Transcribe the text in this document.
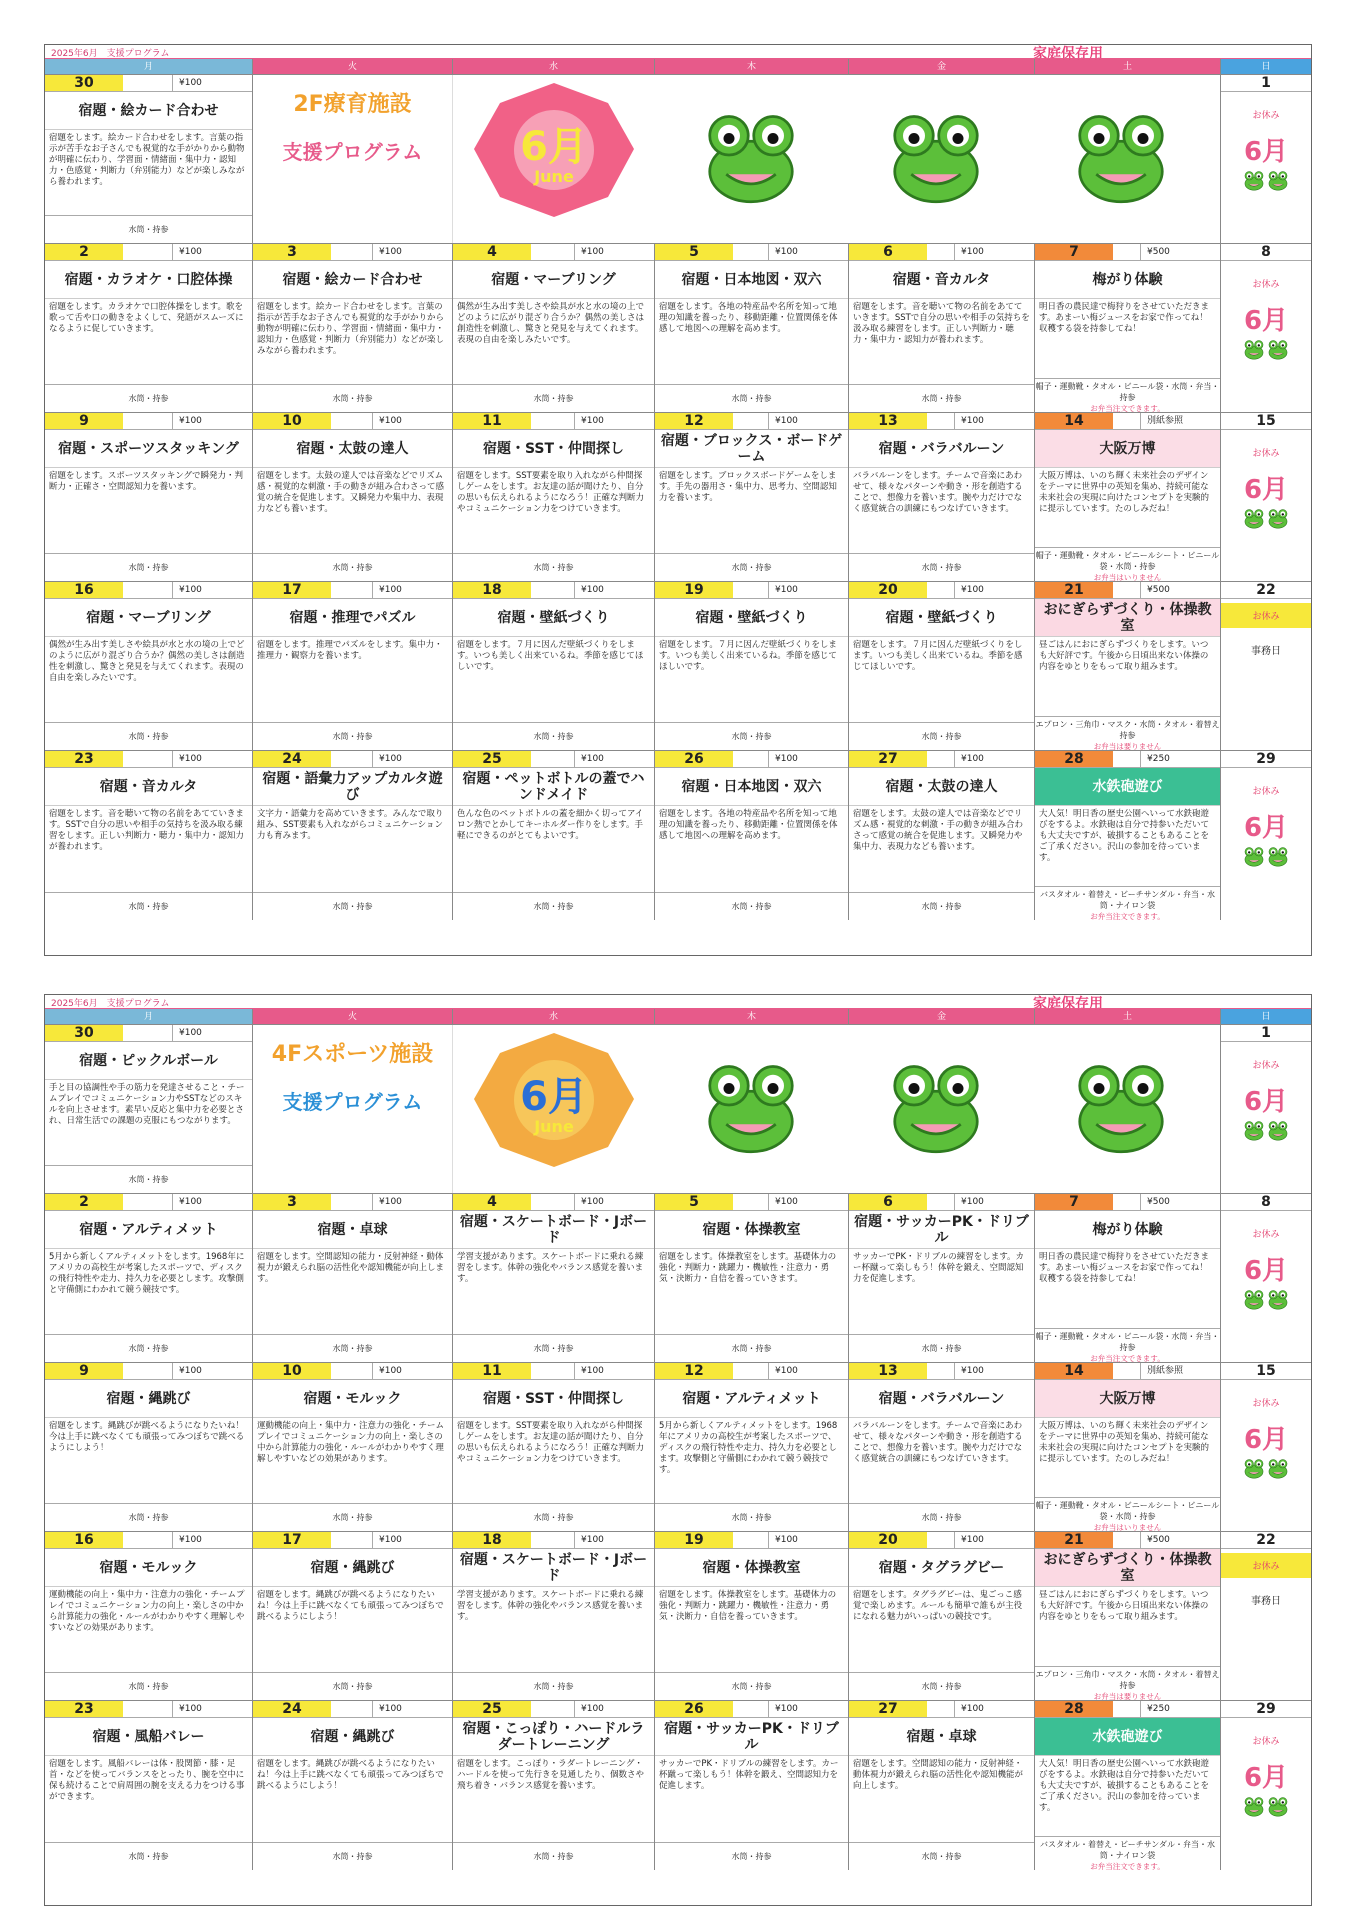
2025年6月　支援プログラム	家庭保存用
月	火	水	木	金	土	日
30	¥100
宿題・絵カード合わせ
宿題をします。絵カード合わせをします。言葉の指示が苦手なお子さんでも視覚的な手がかりから動物が明確に伝わり、学習面・情緒面・集中力・認知力・色感覚・判断力（弁別能力）などが楽しみながら養われます。
水筒・持参
2F療育施設
支援プログラム	6月
June
1
お休み
6月
2	¥100
宿題・カラオケ・口腔体操
宿題をします。カラオケで口腔体操をします。歌を歌って舌や口の動きをよくして、発語がスムーズになるように促していきます。
水筒・持参
3	¥100
宿題・絵カード合わせ
宿題をします。絵カード合わせをします。言葉の指示が苦手なお子さんでも視覚的な手がかりから動物が明確に伝わり、学習面・情緒面・集中力・認知力・色感覚・判断力（弁別能力）などが楽しみながら養われます。
水筒・持参
4	¥100
宿題・マーブリング
偶然が生み出す美しさや絵具が水と水の境の上でどのように広がり混ざり合うか？偶然の美しさは創造性を刺激し、驚きと発見を与えてくれます。表現の自由を楽しみたいです。
水筒・持参
5	¥100
宿題・日本地図・双六
宿題をします。各地の特産品や名所を知って地理の知識を養ったり、移動距離・位置関係を体感して地図への理解を高めます。
水筒・持参
6	¥100
宿題・音カルタ
宿題をします。音を聴いて物の名前をあてていきます。SSTで自分の思いや相手の気持ちを汲み取る練習をします。正しい判断力・聴力・集中力・認知力が養われます。
水筒・持参
7	¥500
梅がり体験
明日香の農民達で梅狩りをさせていただきます。あまーい梅ジュースをお家で作ってね！収穫する袋を持参してね！
帽子・運動靴・タオル・ビニール袋・水筒・弁当・持参
お弁当注文できます。
8
お休み
6月
9	¥100
宿題・スポーツスタッキング
宿題をします。スポーツスタッキングで瞬発力・判断力・正確さ・空間認知力を養います。
水筒・持参
10	¥100
宿題・太鼓の達人
宿題をします。太鼓の達人では音楽などでリズム感・視覚的な刺激・手の動きが組み合わさって感覚の統合を促進します。又瞬発力や集中力、表現力なども養います。
水筒・持参
11	¥100
宿題・SST・仲間探し
宿題をします。SST要素を取り入れながら仲間探しゲームをします。お友達の話が聞けたり、自分の思いも伝えられるようになろう！正確な判断力やコミュニケーション力をつけていきます。
水筒・持参
12	¥100
宿題・ブロックス・ボードゲーム
宿題をします。ブロックスボードゲームをします。手先の器用さ・集中力、思考力、空間認知力を養います。
水筒・持参
13	¥100
宿題・バラバルーン
バラバルーンをします。チームで音楽にあわせて、様々なパターンや動き・形を創造することで、想像力を養います。腕や力だけでなく感覚統合の訓練にもつなげていきます。
水筒・持参
14	別紙参照
大阪万博
大阪万博は、いのち輝く未来社会のデザインをテーマに世界中の英知を集め、持続可能な未来社会の実現に向けたコンセプトを実験的に提示しています。たのしみだね！
帽子・運動靴・タオル・ビニールシート・ビニール袋・水筒・持参
お弁当はいりません
15
お休み
6月
16	¥100
宿題・マーブリング
偶然が生み出す美しさや絵具が水と水の境の上でどのように広がり混ざり合うか？偶然の美しさは創造性を刺激し、驚きと発見を与えてくれます。表現の自由を楽しみたいです。
水筒・持参
17	¥100
宿題・推理でパズル
宿題をします。推理でパズルをします。集中力・推理力・観察力を養います。
水筒・持参
18	¥100
宿題・壁紙づくり
宿題をします。７月に因んだ壁紙づくりをします。いつも美しく出来ているね。季節を感じてほしいです。
水筒・持参
19	¥100
宿題・壁紙づくり
宿題をします。７月に因んだ壁紙づくりをします。いつも美しく出来ているね。季節を感じてほしいです。
水筒・持参
20	¥100
宿題・壁紙づくり
宿題をします。７月に因んだ壁紙づくりをします。いつも美しく出来ているね。季節を感じてほしいです。
水筒・持参
21	¥500
おにぎらずづくり・体操教室
昼ごはんにおにぎらずづくりをします。いつも大好評です。午後から日頃出来ない体操の内容をゆとりをもって取り組みます。
エプロン・三角巾・マスク・水筒・タオル・着替え持参
お弁当は要りません
22
お休み
事務日
23	¥100
宿題・音カルタ
宿題をします。音を聴いて物の名前をあてていきます。SSTで自分の思いや相手の気持ちを汲み取る練習をします。正しい判断力・聴力・集中力・認知力が養われます。
水筒・持参
24	¥100
宿題・語彙力アップカルタ遊び
文字力・語彙力を高めていきます。みんなで取り組み、SST要素も入れながらコミュニケーション力も育みます。
水筒・持参
25	¥100
宿題・ペットボトルの蓋でハンドメイド
色んな色のペットボトルの蓋を細かく切ってアイロン熱でとかしてキーホルダー作りをします。手軽にできるのがとてもよいです。
水筒・持参
26	¥100
宿題・日本地図・双六
宿題をします。各地の特産品や名所を知って地理の知識を養ったり、移動距離・位置関係を体感して地図への理解を高めます。
水筒・持参
27	¥100
宿題・太鼓の達人
宿題をします。太鼓の達人では音楽などでリズム感・視覚的な刺激・手の動きが組み合わさって感覚の統合を促進します。又瞬発力や集中力、表現力なども養います。
水筒・持参
28	¥250
水鉄砲遊び
大人気！明日香の歴史公園へいって水鉄砲遊びをするよ。水鉄砲は自分で持参いただいても大丈夫ですが、破損することもあることをご了承ください。沢山の参加を待っています。
バスタオル・着替え・ビーチサンダル・弁当・水筒・ナイロン袋
お弁当注文できます。
29
お休み
6月
2025年6月　支援プログラム	家庭保存用
月	火	水	木	金	土	日
30	¥100
宿題・ピックルボール
手と目の協調性や手の筋力を発達させること・チームプレイでコミュニケーション力やSSTなどのスキルを向上させます。素早い反応と集中力を必要とされ、日常生活での課題の克服にもつながります。
水筒・持参
4Fスポーツ施設
支援プログラム	6月
June
1
お休み
6月
2	¥100
宿題・アルティメット
5月から新しくアルティメットをします。1968年にアメリカの高校生が考案したスポーツで、ディスクの飛行特性や走力、持久力を必要とします。攻撃側と守備側にわかれて競う競技です。
水筒・持参
3	¥100
宿題・卓球
宿題をします。空間認知の能力・反射神経・動体視力が鍛えられ脳の活性化や認知機能が向上します。
水筒・持参
4	¥100
宿題・スケートボード・Jボード
学習支援があります。スケートボードに乗れる練習をします。体幹の強化やバランス感覚を養います。
水筒・持参
5	¥100
宿題・体操教室
宿題をします。体操教室をします。基礎体力の強化・判断力・跳躍力・機敏性・注意力・勇気・決断力・自信を養っていきます。
水筒・持参
6	¥100
宿題・サッカーPK・ドリブル
サッカーでPK・ドリブルの練習をします。カー杯蹴って楽しもう！体幹を鍛え、空間認知力を促進します。
水筒・持参
7	¥500
梅がり体験
明日香の農民達で梅狩りをさせていただきます。あまーい梅ジュースをお家で作ってね！収穫する袋を持参してね！
帽子・運動靴・タオル・ビニール袋・水筒・弁当・持参
お弁当注文できます。
8
お休み
6月
9	¥100
宿題・縄跳び
宿題をします。縄跳びが跳べるようになりたいね！今は上手に跳べなくても頑張ってみつぼちで跳べるようにしよう！
水筒・持参
10	¥100
宿題・モルック
運動機能の向上・集中力・注意力の強化・チームプレイでコミュニケーション力の向上・楽しさの中から計算能力の強化・ルールがわかりやすく理解しやすいなどの効果があります。
水筒・持参
11	¥100
宿題・SST・仲間探し
宿題をします。SST要素を取り入れながら仲間探しゲームをします。お友達の話が聞けたり、自分の思いも伝えられるようになろう！正確な判断力やコミュニケーション力をつけていきます。
水筒・持参
12	¥100
宿題・アルティメット
5月から新しくアルティメットをします。1968年にアメリカの高校生が考案したスポーツで、ディスクの飛行特性や走力、持久力を必要とします。攻撃側と守備側にわかれて競う競技です。
水筒・持参
13	¥100
宿題・バラバルーン
バラバルーンをします。チームで音楽にあわせて、様々なパターンや動き・形を創造することで、想像力を養います。腕や力だけでなく感覚統合の訓練にもつなげていきます。
水筒・持参
14	別紙参照
大阪万博
大阪万博は、いのち輝く未来社会のデザインをテーマに世界中の英知を集め、持続可能な未来社会の実現に向けたコンセプトを実験的に提示しています。たのしみだね！
帽子・運動靴・タオル・ビニールシート・ビニール袋・水筒・持参
お弁当はいりません
15
お休み
6月
16	¥100
宿題・モルック
運動機能の向上・集中力・注意力の強化・チームプレイでコミュニケーション力の向上・楽しさの中から計算能力の強化・ルールがわかりやすく理解しやすいなどの効果があります。
水筒・持参
17	¥100
宿題・縄跳び
宿題をします。縄跳びが跳べるようになりたいね！今は上手に跳べなくても頑張ってみつぼちで跳べるようにしよう！
水筒・持参
18	¥100
宿題・スケートボード・Jボード
学習支援があります。スケートボードに乗れる練習をします。体幹の強化やバランス感覚を養います。
水筒・持参
19	¥100
宿題・体操教室
宿題をします。体操教室をします。基礎体力の強化・判断力・跳躍力・機敏性・注意力・勇気・決断力・自信を養っていきます。
水筒・持参
20	¥100
宿題・タグラグビー
宿題をします。タグラグビーは、鬼ごっこ感覚で楽しめます。ルールも簡単で誰もが主役になれる魅力がいっぱいの競技です。
水筒・持参
21	¥500
おにぎらずづくり・体操教室
昼ごはんにおにぎらずづくりをします。いつも大好評です。午後から日頃出来ない体操の内容をゆとりをもって取り組みます。
エプロン・三角巾・マスク・水筒・タオル・着替え持参
お弁当は要りません
22
お休み
事務日
23	¥100
宿題・風船バレー
宿題をします。風船バレーは体・股関節・膝・足首・などを使ってバランスをとったり、腕を空中に保も続けることで肩周囲の腕を支える力をつける事ができます。
水筒・持参
24	¥100
宿題・縄跳び
宿題をします。縄跳びが跳べるようになりたいね！今は上手に跳べなくても頑張ってみつぼちで跳べるようにしよう！
水筒・持参
25	¥100
宿題・こっぽり・ハードルラダートレーニング
宿題をします。こっぽり・ラダートレーニング・ハードルを使って先行きを見通したり、個数さや飛ち着き・バランス感覚を養います。
水筒・持参
26	¥100
宿題・サッカーPK・ドリブル
サッカーでPK・ドリブルの練習をします。カー杯蹴って楽しもう！体幹を鍛え、空間認知力を促進します。
水筒・持参
27	¥100
宿題・卓球
宿題をします。空間認知の能力・反射神経・動体視力が鍛えられ脳の活性化や認知機能が向上します。
水筒・持参
28	¥250
水鉄砲遊び
大人気！明日香の歴史公園へいって水鉄砲遊びをするよ。水鉄砲は自分で持参いただいても大丈夫ですが、破損することもあることをご了承ください。沢山の参加を待っています。
バスタオル・着替え・ビーチサンダル・弁当・水筒・ナイロン袋
お弁当注文できます。
29
お休み
6月
